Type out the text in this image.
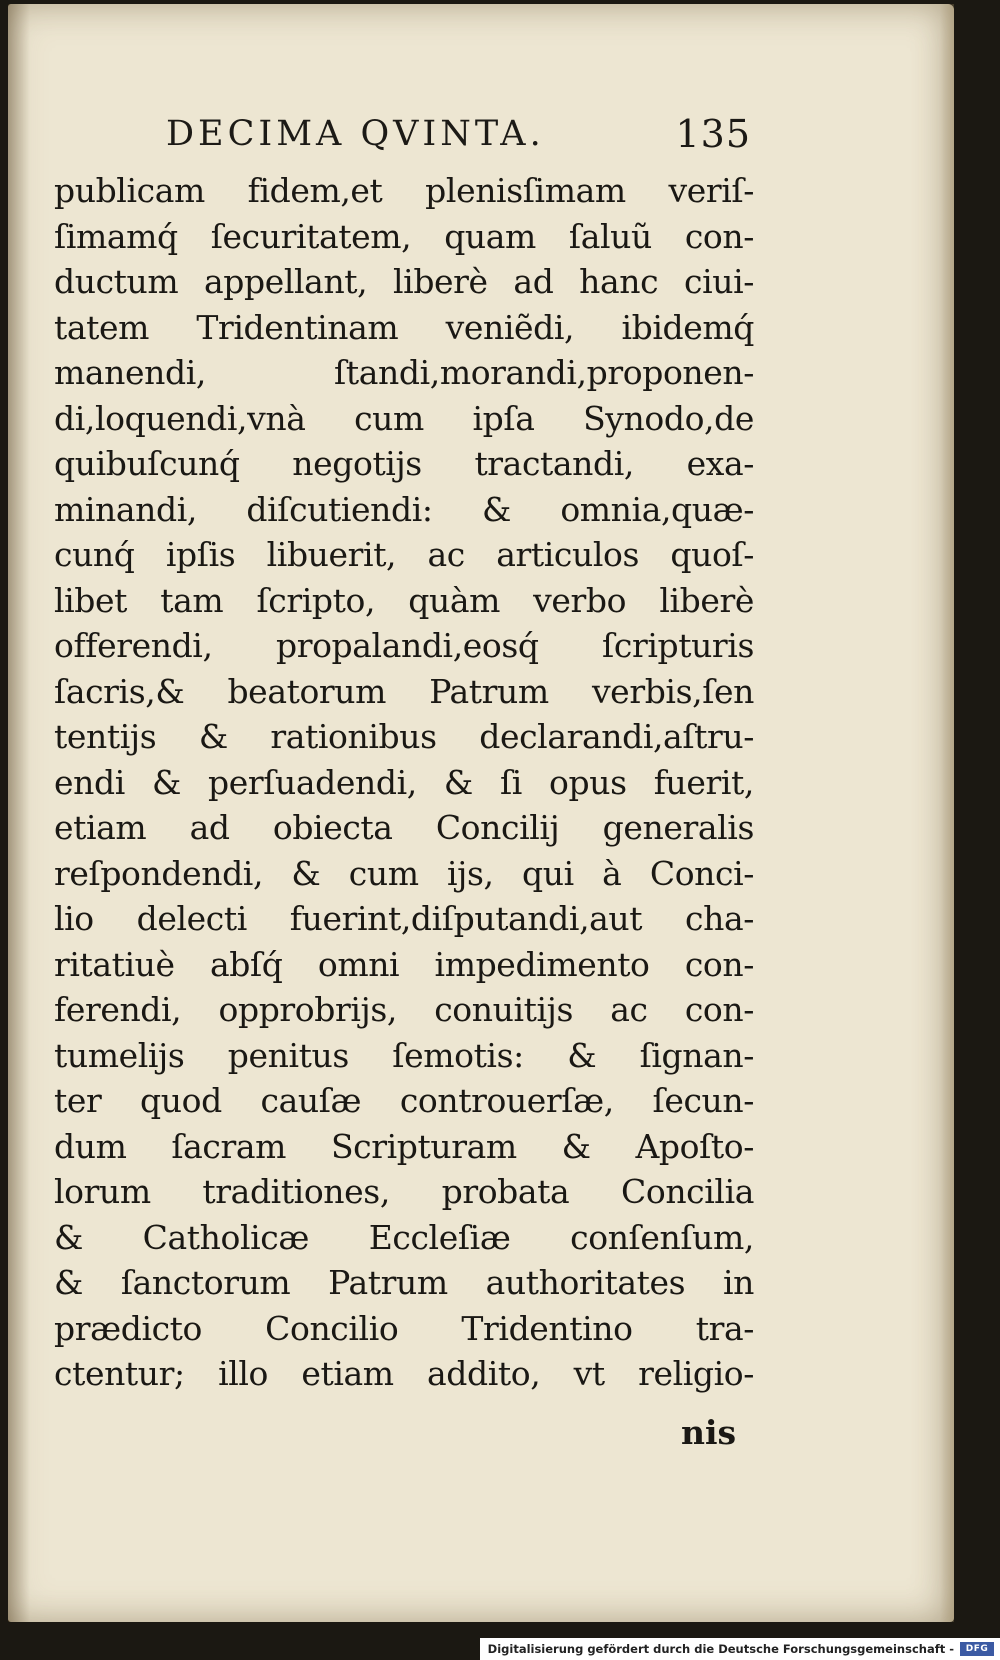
DECIMA QVINTA.	135
publicam fidem,et plenisſimam veriſ-
ſimamq́ ſecuritatem, quam ſaluũ con-
ductum appellant, liberè ad hanc ciui-
tatem Tridentinam veniẽdi, ibidemq́
manendi, ſtandi,morandi,proponen-
di,loquendi,vnà cum ipſa Synodo,de
quibuſcunq́ negotijs tractandi, exa-
minandi, diſcutiendi: & omnia,quæ-
cunq́ ipſis libuerit, ac articulos quoſ-
libet tam ſcripto, quàm verbo liberè
offerendi, propalandi,eosq́ ſcripturis
ſacris,& beatorum Patrum verbis,ſen
tentijs & rationibus declarandi,aſtru-
endi & perſuadendi, & ſi opus fuerit,
etiam ad obiecta Concilij generalis
reſpondendi, & cum ijs, qui à Conci-
lio delecti fuerint,diſputandi,aut cha-
ritatiuè abſq́ omni impedimento con-
ferendi, opprobrijs, conuitijs ac con-
tumelijs penitus ſemotis: & ſignan-
ter quod cauſæ controuerſæ, ſecun-
dum ſacram Scripturam & Apoſto-
lorum traditiones, probata Concilia
& Catholicæ Eccleſiæ conſenſum,
& ſanctorum Patrum authoritates in
prædicto Concilio Tridentino tra-
ctentur; illo etiam addito, vt religio-
nis
Digitalisierung gefördert durch die Deutsche Forschungsgemeinschaft -	DFG
